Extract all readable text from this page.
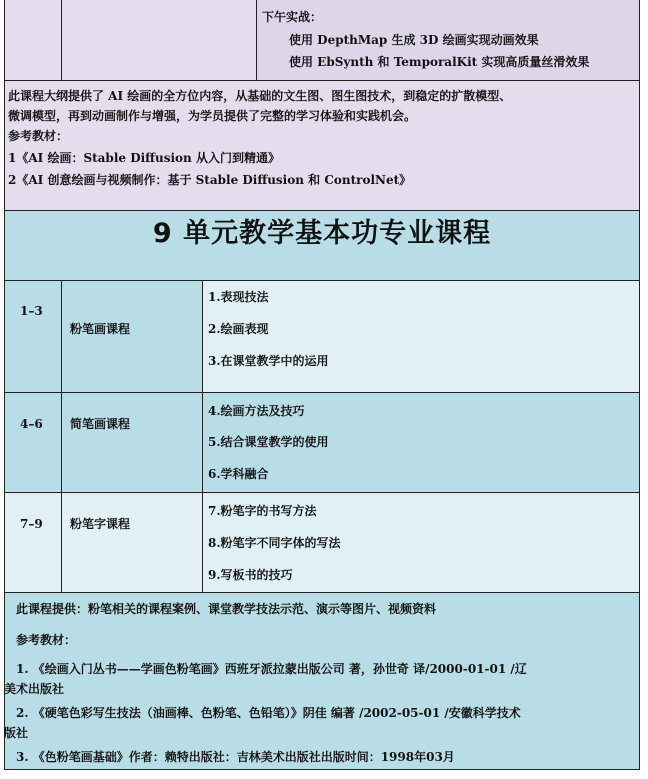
下午实战：
使用 DepthMap 生成 3D 绘画实现动画效果
使用 EbSynth 和 TemporalKit 实现高质量丝滑效果
此课程大纲提供了 AI 绘画的全方位内容，从基础的文生图、图生图技术，到稳定的扩散模型、
微调模型，再到动画制作与增强，为学员提供了完整的学习体验和实践机会。
参考教材：
1《AI 绘画：Stable Diffusion 从入门到精通》
2《AI 创意绘画与视频制作：基于 Stable Diffusion 和 ControlNet》
9 单元教学基本功专业课程
1–3
粉笔画课程
1.表现技法
2.绘画表现
3.在课堂教学中的运用
4–6 简笔画课程
4.绘画方法及技巧
5.结合课堂教学的使用
6.学科融合
7–9 粉笔字课程
7.粉笔字的书写方法
8.粉笔字不同字体的写法
9.写板书的技巧
此课程提供：粉笔相关的课程案例、课堂教学技法示范、演示等图片、视频资料
参考教材：
1. 《绘画入门丛书——学画色粉笔画》西班牙派拉蒙出版公司 著，孙世奇 译/2000-01-01 /辽
美术出版社
2. 《硬笔色彩写生技法（油画棒、色粉笔、色铅笔）》阴佳 编著 /2002-05-01 /安徽科学技术
版社
3. 《色粉笔画基础》作者：赖特出版社：吉林美术出版社出版时间：1998年03月
